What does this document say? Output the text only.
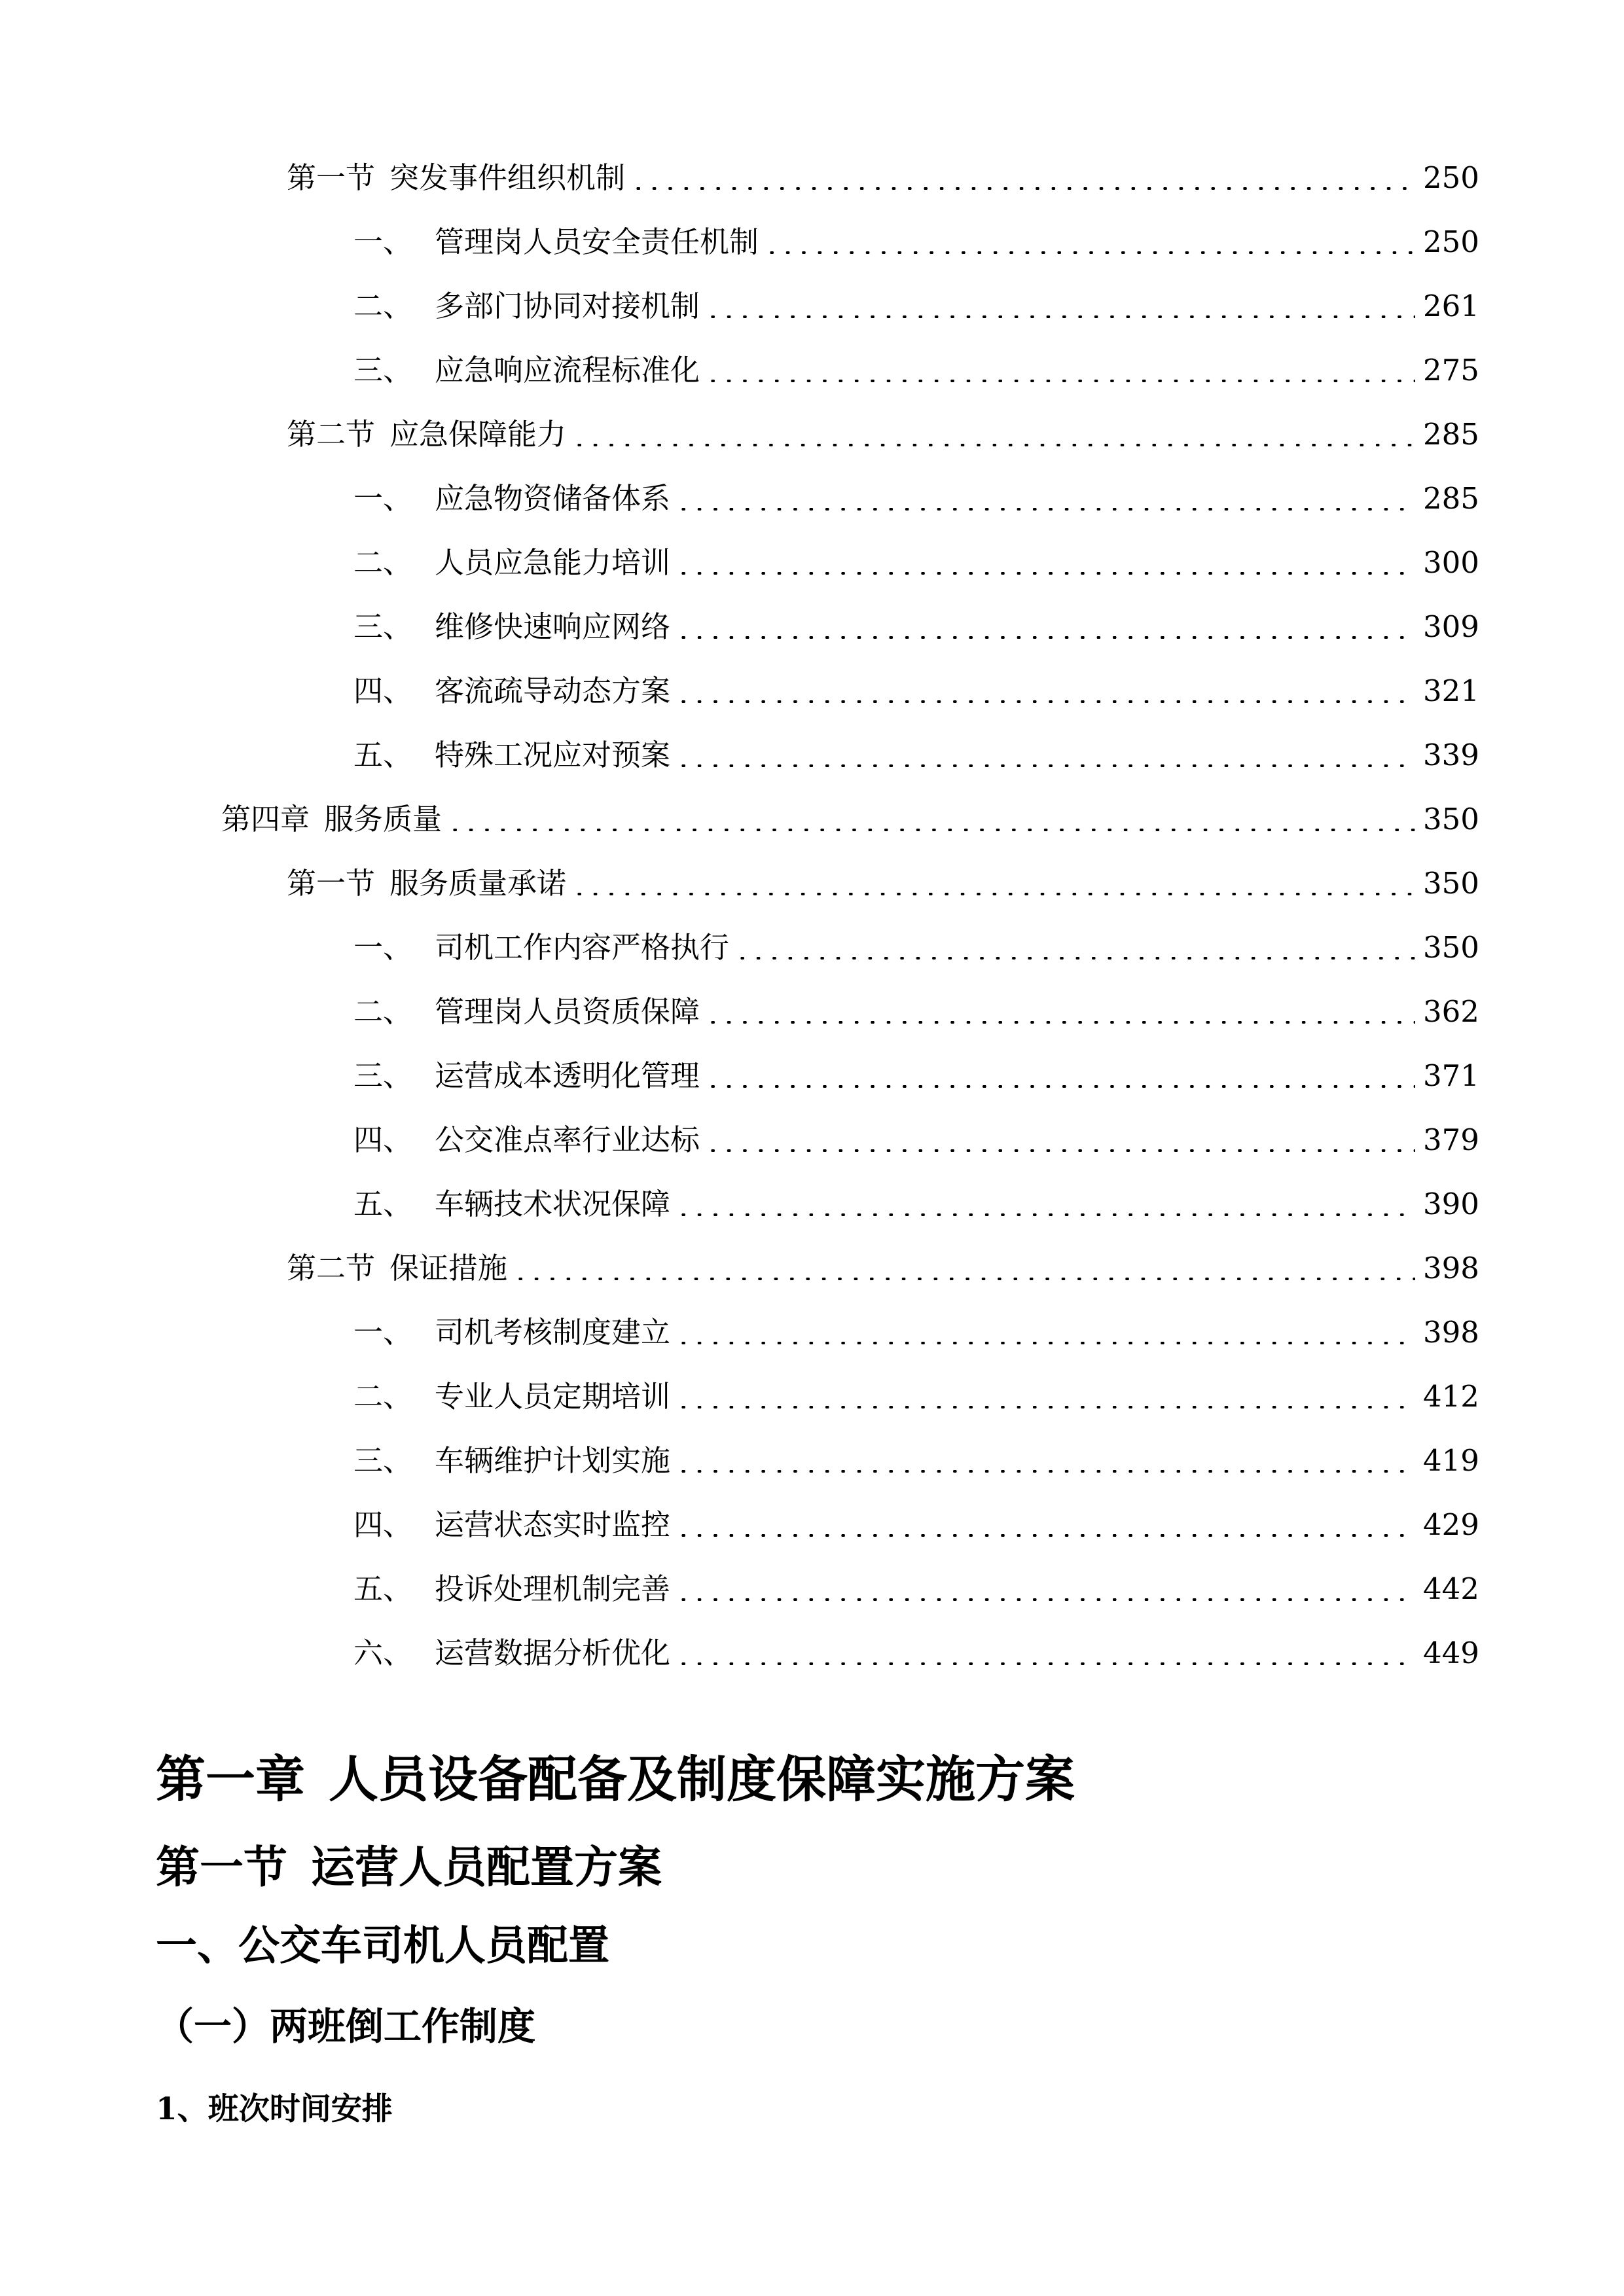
第一节 突发事件组织机制	250
一、 管理岗人员安全责任机制	250
二、 多部门协同对接机制	261
三、 应急响应流程标准化	275
第二节 应急保障能力	285
一、 应急物资储备体系	285
二、 人员应急能力培训	300
三、 维修快速响应网络	309
四、 客流疏导动态方案	321
五、 特殊工况应对预案	339
第四章 服务质量	350
第一节 服务质量承诺	350
一、 司机工作内容严格执行	350
二、 管理岗人员资质保障	362
三、 运营成本透明化管理	371
四、 公交准点率行业达标	379
五、 车辆技术状况保障	390
第二节 保证措施	398
一、 司机考核制度建立	398
二、 专业人员定期培训	412
三、 车辆维护计划实施	419
四、 运营状态实时监控	429
五、 投诉处理机制完善	442
六、 运营数据分析优化	449
第一章 人员设备配备及制度保障实施方案
第一节 运营人员配置方案
一、公交车司机人员配置
（一）两班倒工作制度
1、班次时间安排
